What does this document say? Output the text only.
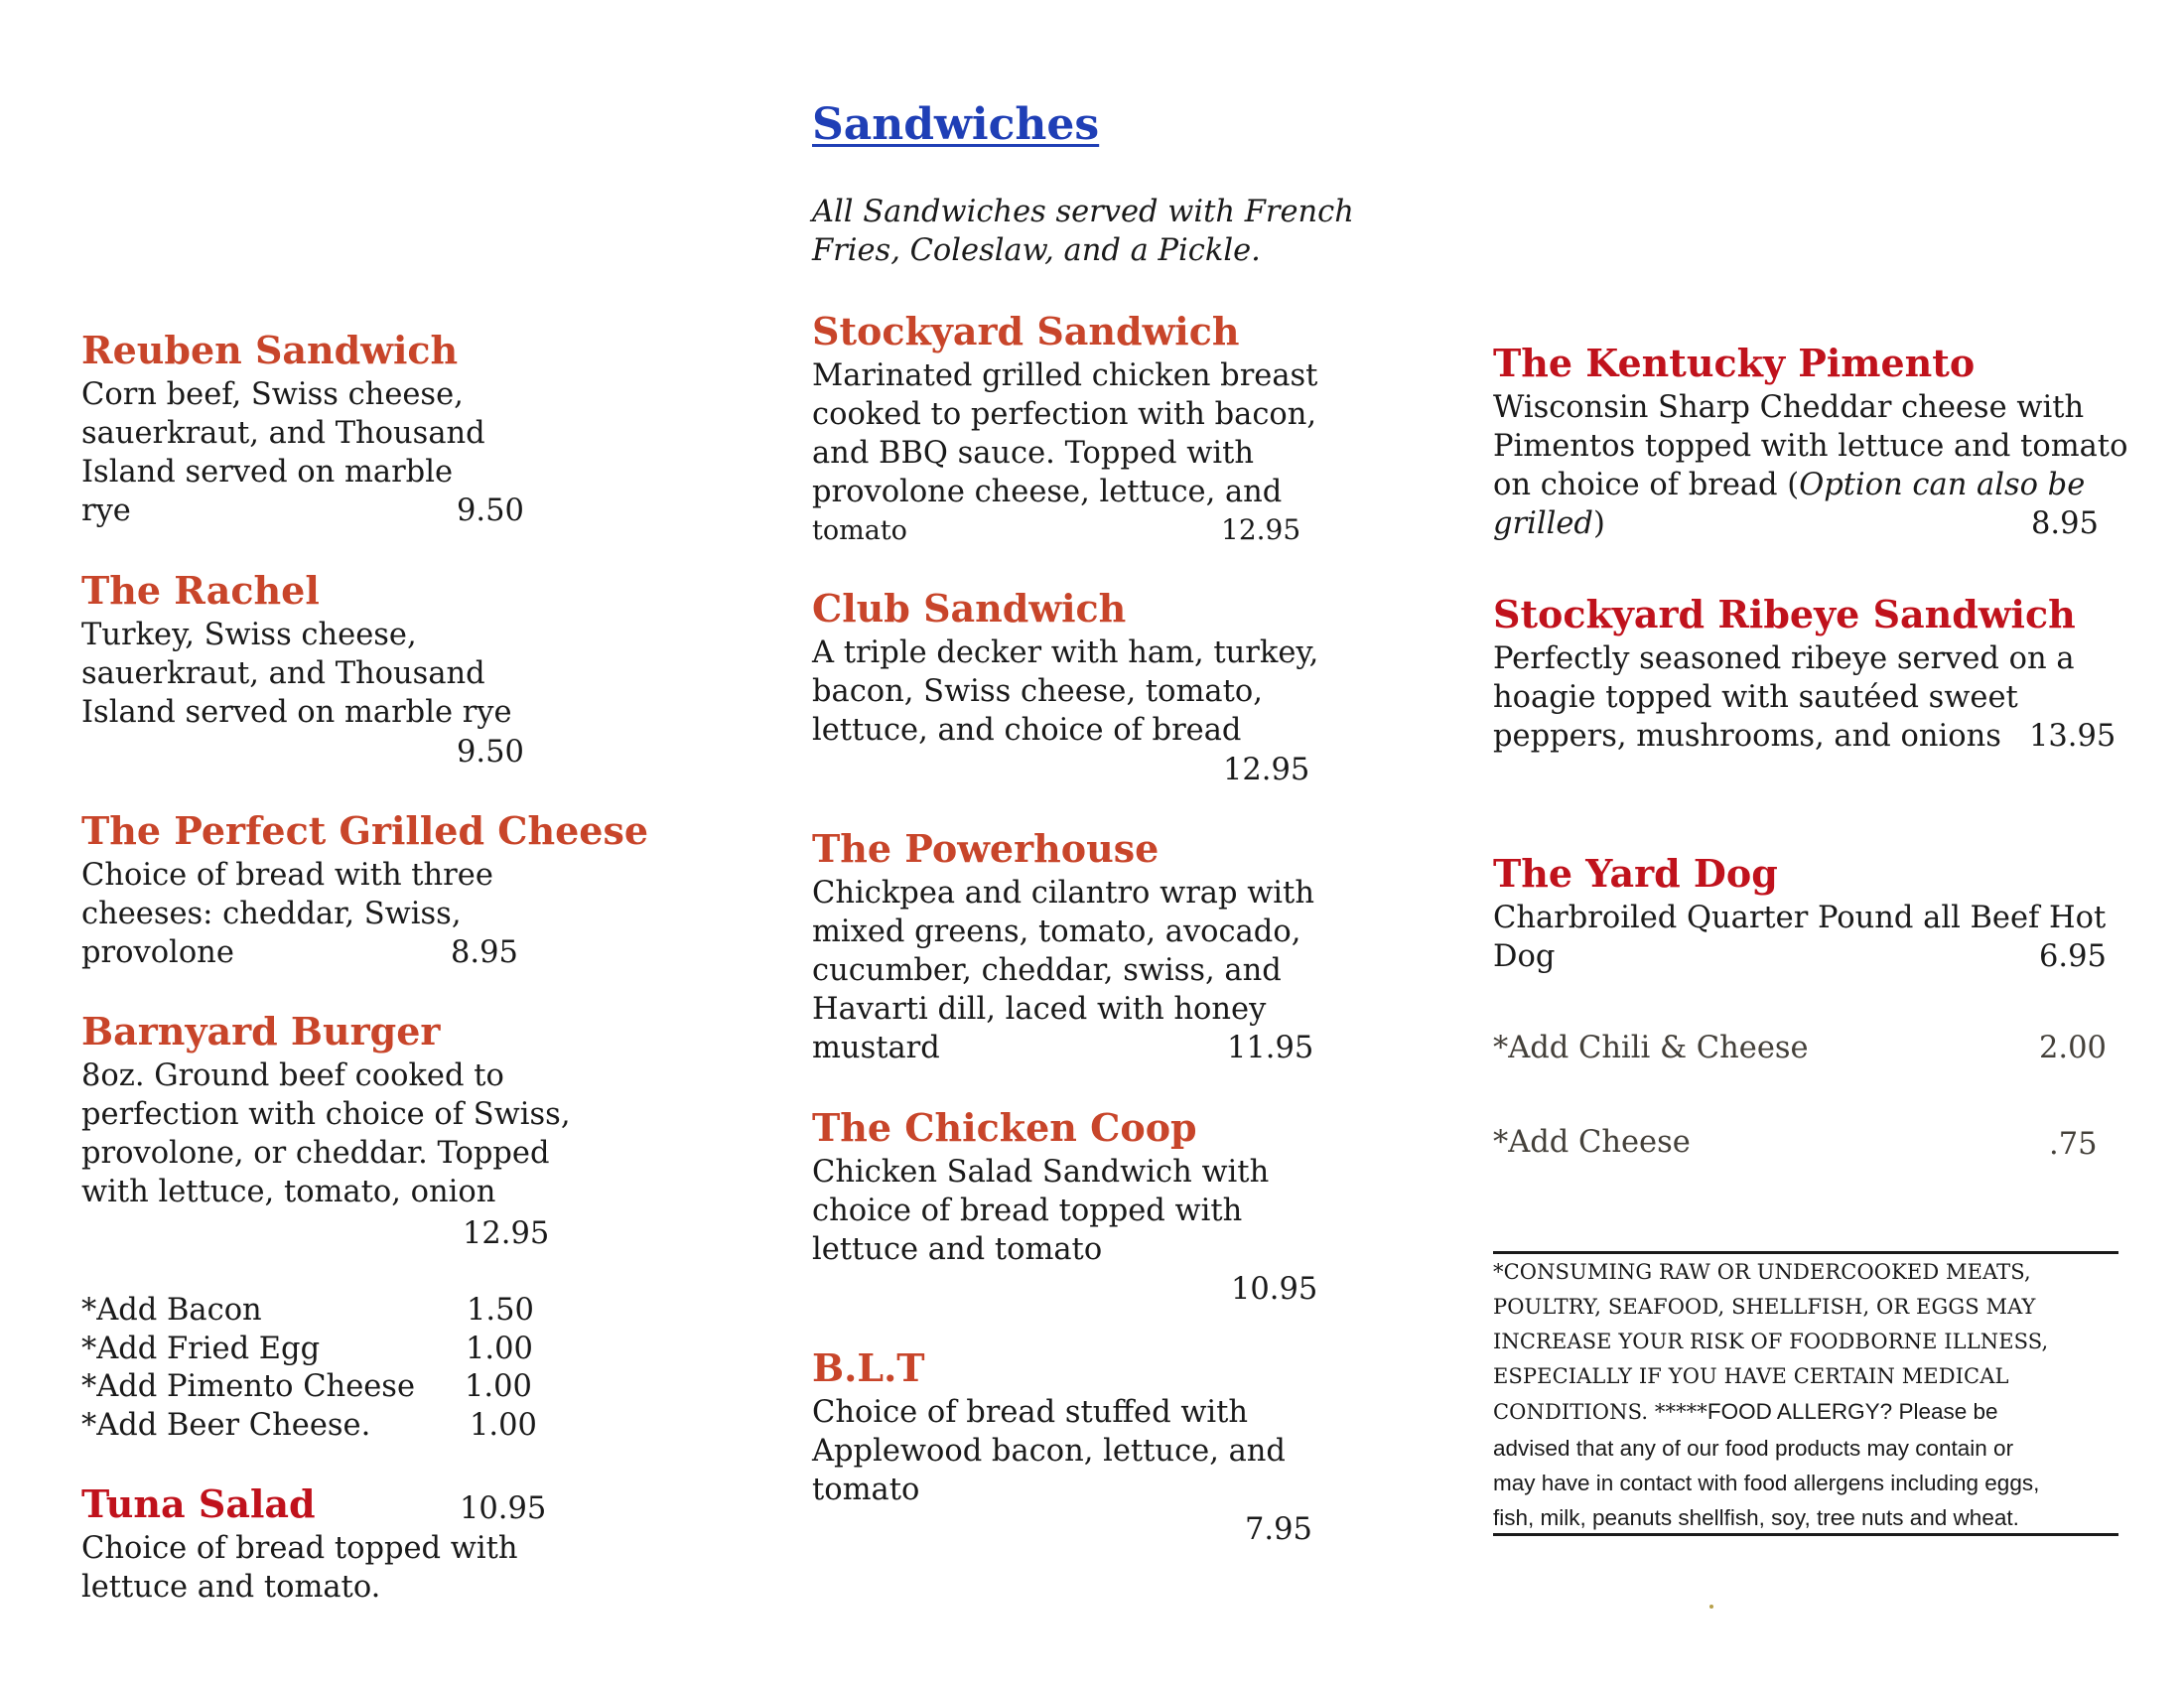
Sandwiches
All Sandwiches served with French
Fries, Coleslaw, and a Pickle.
Reuben Sandwich
Corn beef, Swiss cheese,
sauerkraut, and Thousand
Island served on marble
rye	9.50
The Rachel
Turkey, Swiss cheese,
sauerkraut, and Thousand
Island served on marble rye
9.50
The Perfect Grilled Cheese
Choice of bread with three
cheeses: cheddar, Swiss,
provolone	8.95
Barnyard Burger
8oz. Ground beef cooked to
perfection with choice of Swiss,
provolone, or cheddar. Topped
with lettuce, tomato, onion
12.95
*Add Bacon	1.50
*Add Fried Egg	1.00
*Add Pimento Cheese 1.00
*Add Beer Cheese.	1.00
Tuna Salad	10.95
Choice of bread topped with
lettuce and tomato.
Stockyard Sandwich
Marinated grilled chicken breast
cooked to perfection with bacon,
and BBQ sauce. Topped with
provolone cheese, lettuce, and
tomato	12.95
Club Sandwich
A triple decker with ham, turkey,
bacon, Swiss cheese, tomato,
lettuce, and choice of bread
12.95
The Powerhouse
Chickpea and cilantro wrap with
mixed greens, tomato, avocado,
cucumber, cheddar, swiss, and
Havarti dill, laced with honey
mustard	11.95
The Chicken Coop
Chicken Salad Sandwich with
choice of bread topped with
lettuce and tomato
10.95
B.L.T
Choice of bread stuffed with
Applewood bacon, lettuce, and
tomato
7.95
The Kentucky Pimento
Wisconsin Sharp Cheddar cheese with
Pimentos topped with lettuce and tomato
on choice of bread (Option can also be
grilled)	8.95
Stockyard Ribeye Sandwich
Perfectly seasoned ribeye served on a
hoagie topped with sautéed sweet
peppers, mushrooms, and onions 13.95
The Yard Dog
Charbroiled Quarter Pound all Beef Hot
Dog	6.95
*Add Chili & Cheese	2.00
*Add Cheese	.75
*CONSUMING RAW OR UNDERCOOKED MEATS,
POULTRY, SEAFOOD, SHELLFISH, OR EGGS MAY
INCREASE YOUR RISK OF FOODBORNE ILLNESS,
ESPECIALLY IF YOU HAVE CERTAIN MEDICAL
CONDITIONS. *****FOOD ALLERGY? Please be
advised that any of our food products may contain or
may have in contact with food allergens including eggs,
fish, milk, peanuts shellfish, soy, tree nuts and wheat.
